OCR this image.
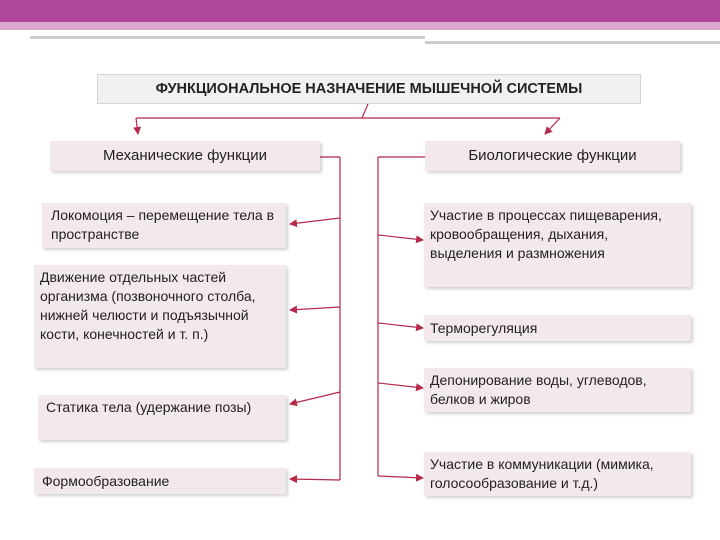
ФУНКЦИОНАЛЬНОЕ НАЗНАЧЕНИЕ МЫШЕЧНОЙ СИСТЕМЫ
Механические функции	Биологические функции
Локомоция – перемещение тела в пространстве
Движение отдельных частей организма (позвоночного столба, нижней челюсти и подъязычной кости, конечностей и т. п.)
Статика тела (удержание позы)
Формообразование
Участие в процессах пищеварения, кровообращения, дыхания, выделения и размножения
Терморегуляция
Депонирование воды, углеводов, белков и жиров
Участие в коммуникации (мимика, голосообразование и т.д.)
